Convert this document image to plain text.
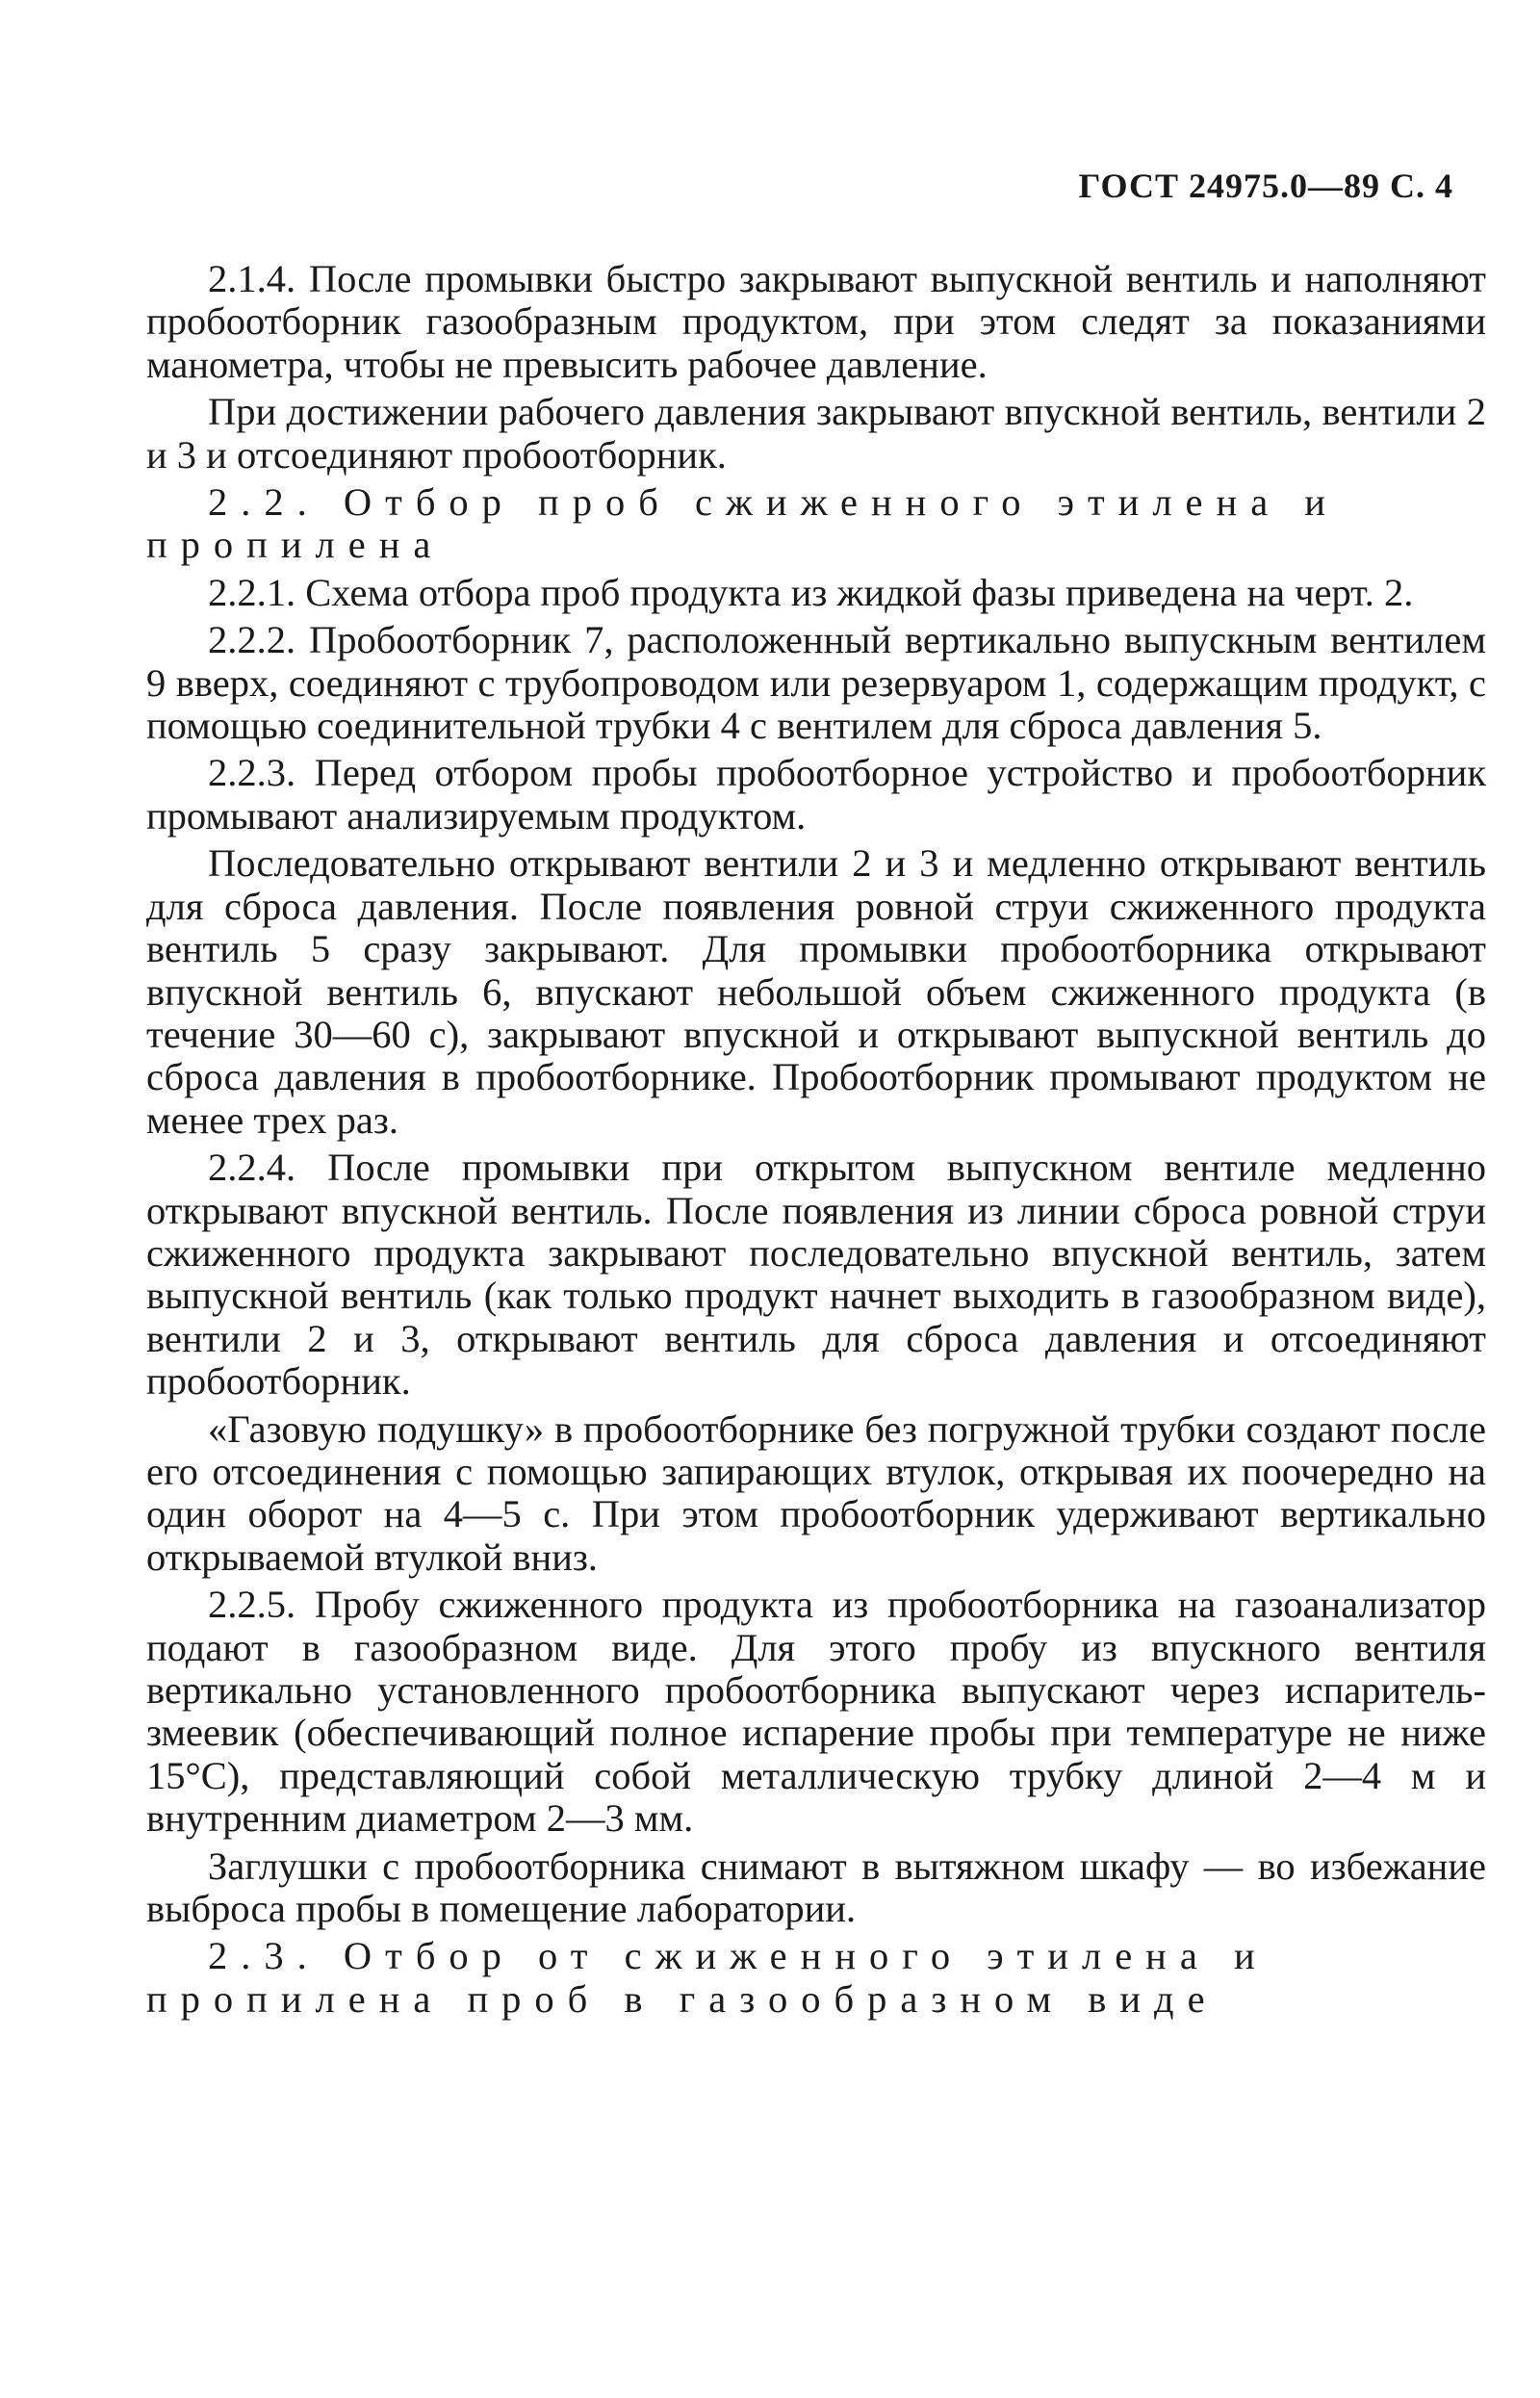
ГОСТ 24975.0—89 С. 4

2.1.4. После промывки быстро закрывают выпускной вентиль и наполняют пробоотборник газообразным продуктом, при этом следят за показаниями манометра, чтобы не превысить рабочее давление.

При достижении рабочего давления закрывают впускной вентиль, вентили 2 и 3 и отсоединяют пробоотборник.

2.2. Отбор проб сжиженного этилена и пропилена

2.2.1. Схема отбора проб продукта из жидкой фазы приведена на черт. 2.

2.2.2. Пробоотборник 7, расположенный вертикально выпускным вентилем 9 вверх, соединяют с трубопроводом или резервуаром 1, содержащим продукт, с помощью соединительной трубки 4 с вентилем для сброса давления 5.

2.2.3. Перед отбором пробы пробоотборное устройство и пробоотборник промывают анализируемым продуктом.

Последовательно открывают вентили 2 и 3 и медленно открывают вентиль для сброса давления. После появления ровной струи сжиженного продукта вентиль 5 сразу закрывают. Для промывки пробоотборника открывают впускной вентиль 6, впускают небольшой объем сжиженного продукта (в течение 30—60 с), закрывают впускной и открывают выпускной вентиль до сброса давления в пробоотборнике. Пробоотборник промывают продуктом не менее трех раз.

2.2.4. После промывки при открытом выпускном вентиле медленно открывают впускной вентиль. После появления из линии сброса ровной струи сжиженного продукта закрывают последовательно впускной вентиль, затем выпускной вентиль (как только продукт начнет выходить в газообразном виде), вентили 2 и 3, открывают вентиль для сброса давления и отсоединяют пробоотборник.

«Газовую подушку» в пробоотборнике без погружной трубки создают после его отсоединения с помощью запирающих втулок, открывая их поочередно на один оборот на 4—5 с. При этом пробоотборник удерживают вертикально открываемой втулкой вниз.

2.2.5. Пробу сжиженного продукта из пробоотборника на газоанализатор подают в газообразном виде. Для этого пробу из впускного вентиля вертикально установленного пробоотборника выпускают через испаритель-змеевик (обеспечивающий полное испарение пробы при температуре не ниже 15°С), представляющий собой металлическую трубку длиной 2—4 м и внутренним диаметром 2—3 мм.

Заглушки с пробоотборника снимают в вытяжном шкафу — во избежание выброса пробы в помещение лаборатории.

2.3. Отбор от сжиженного этилена и пропилена проб в газообразном виде
